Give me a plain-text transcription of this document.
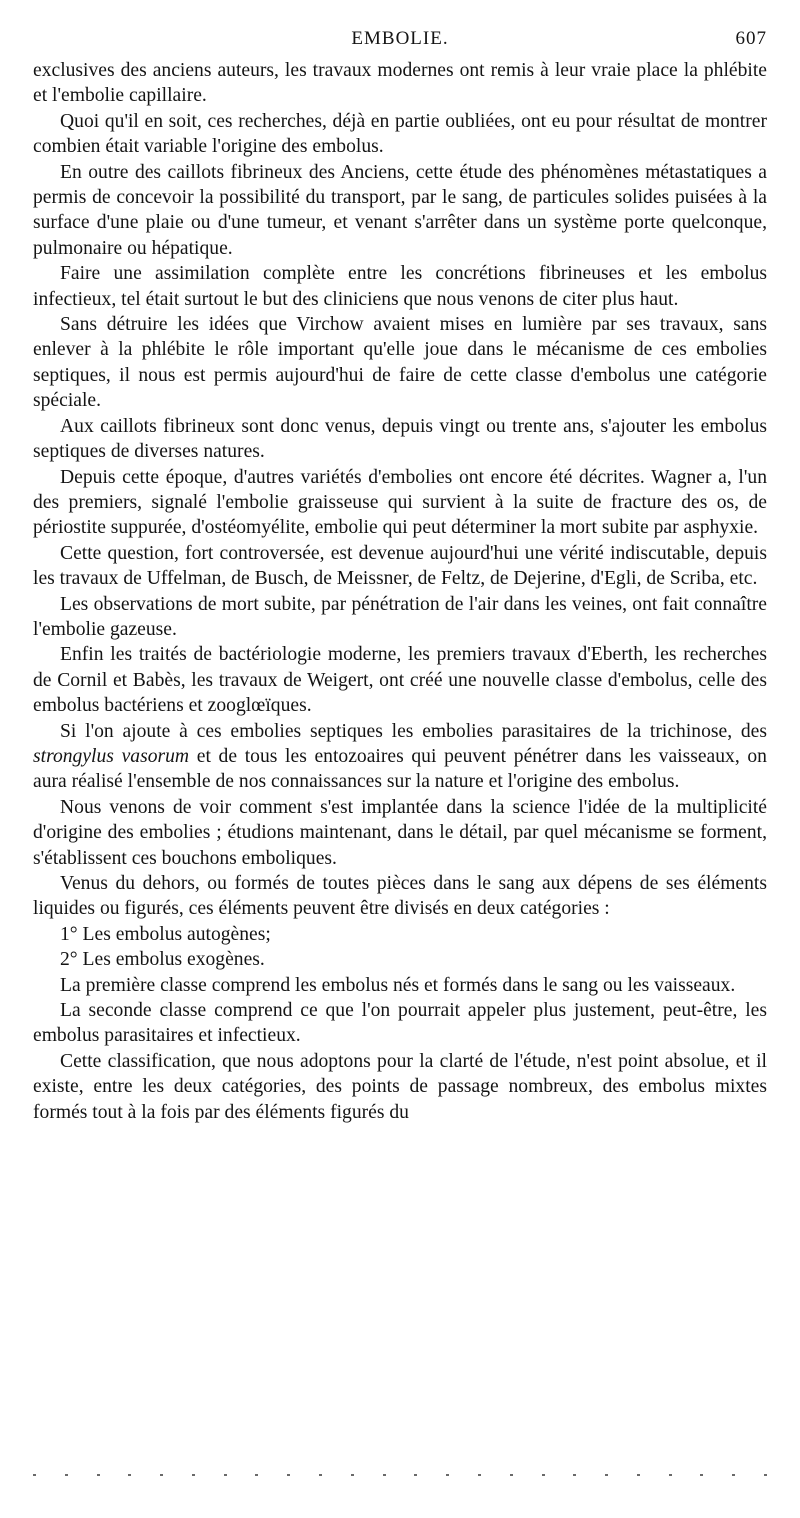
EMBOLIE.	607

exclusives des anciens auteurs, les travaux modernes ont remis à leur vraie place la phlébite et l'embolie capillaire.

Quoi qu'il en soit, ces recherches, déjà en partie oubliées, ont eu pour résultat de montrer combien était variable l'origine des embolus.

En outre des caillots fibrineux des Anciens, cette étude des phénomènes métastatiques a permis de concevoir la possibilité du transport, par le sang, de particules solides puisées à la surface d'une plaie ou d'une tumeur, et venant s'arrêter dans un système porte quelconque, pulmonaire ou hépatique.

Faire une assimilation complète entre les concrétions fibrineuses et les embolus infectieux, tel était surtout le but des cliniciens que nous venons de citer plus haut.

Sans détruire les idées que Virchow avaient mises en lumière par ses travaux, sans enlever à la phlébite le rôle important qu'elle joue dans le mécanisme de ces embolies septiques, il nous est permis aujourd'hui de faire de cette classe d'embolus une catégorie spéciale.

Aux caillots fibrineux sont donc venus, depuis vingt ou trente ans, s'ajouter les embolus septiques de diverses natures.

Depuis cette époque, d'autres variétés d'embolies ont encore été décrites. Wagner a, l'un des premiers, signalé l'embolie graisseuse qui survient à la suite de fracture des os, de périostite suppurée, d'ostéomyélite, embolie qui peut déterminer la mort subite par asphyxie.

Cette question, fort controversée, est devenue aujourd'hui une vérité indiscutable, depuis les travaux de Uffelman, de Busch, de Meissner, de Feltz, de Dejerine, d'Egli, de Scriba, etc.

Les observations de mort subite, par pénétration de l'air dans les veines, ont fait connaître l'embolie gazeuse.

Enfin les traités de bactériologie moderne, les premiers travaux d'Eberth, les recherches de Cornil et Babès, les travaux de Weigert, ont créé une nouvelle classe d'embolus, celle des embolus bactériens et zooglœïques.

Si l'on ajoute à ces embolies septiques les embolies parasitaires de la trichinose, des strongylus vasorum et de tous les entozoaires qui peuvent pénétrer dans les vaisseaux, on aura réalisé l'ensemble de nos connaissances sur la nature et l'origine des embolus.

Nous venons de voir comment s'est implantée dans la science l'idée de la multiplicité d'origine des embolies ; étudions maintenant, dans le détail, par quel mécanisme se forment, s'établissent ces bouchons emboliques.

Venus du dehors, ou formés de toutes pièces dans le sang aux dépens de ses éléments liquides ou figurés, ces éléments peuvent être divisés en deux catégories :

1° Les embolus autogènes;

2° Les embolus exogènes.

La première classe comprend les embolus nés et formés dans le sang ou les vaisseaux.

La seconde classe comprend ce que l'on pourrait appeler plus justement, peut-être, les embolus parasitaires et infectieux.

Cette classification, que nous adoptons pour la clarté de l'étude, n'est point absolue, et il existe, entre les deux catégories, des points de passage nombreux, des embolus mixtes formés tout à la fois par des éléments figurés du
